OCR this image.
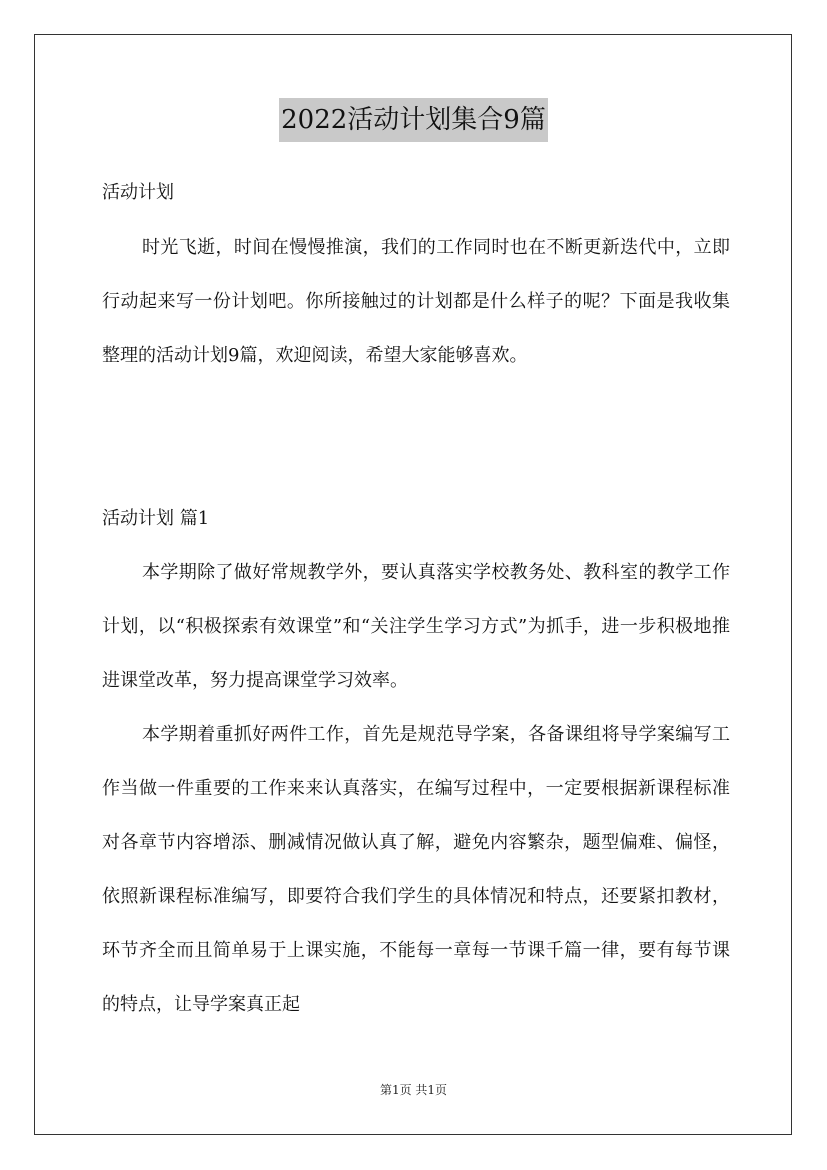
2022活动计划集合9篇
活动计划

时光飞逝，时间在慢慢推演，我们的工作同时也在不断更新迭代中，立即行动起来写一份计划吧。你所接触过的计划都是什么样子的呢？下面是我收集整理的活动计划9篇，欢迎阅读，希望大家能够喜欢。

活动计划 篇1

本学期除了做好常规教学外，要认真落实学校教务处、教科室的教学工作计划，以“积极探索有效课堂”和“关注学生学习方式”为抓手，进一步积极地推进课堂改革，努力提高课堂学习效率。

本学期着重抓好两件工作，首先是规范导学案，各备课组将导学案编写工作当做一件重要的工作来来认真落实，在编写过程中，一定要根据新课程标准对各章节内容增添、删减情况做认真了解，避免内容繁杂，题型偏难、偏怪，依照新课程标准编写，即要符合我们学生的具体情况和特点，还要紧扣教材，环节齐全而且简单易于上课实施，不能每一章每一节课千篇一律，要有每节课的特点，让导学案真正起

第1页 共1页
